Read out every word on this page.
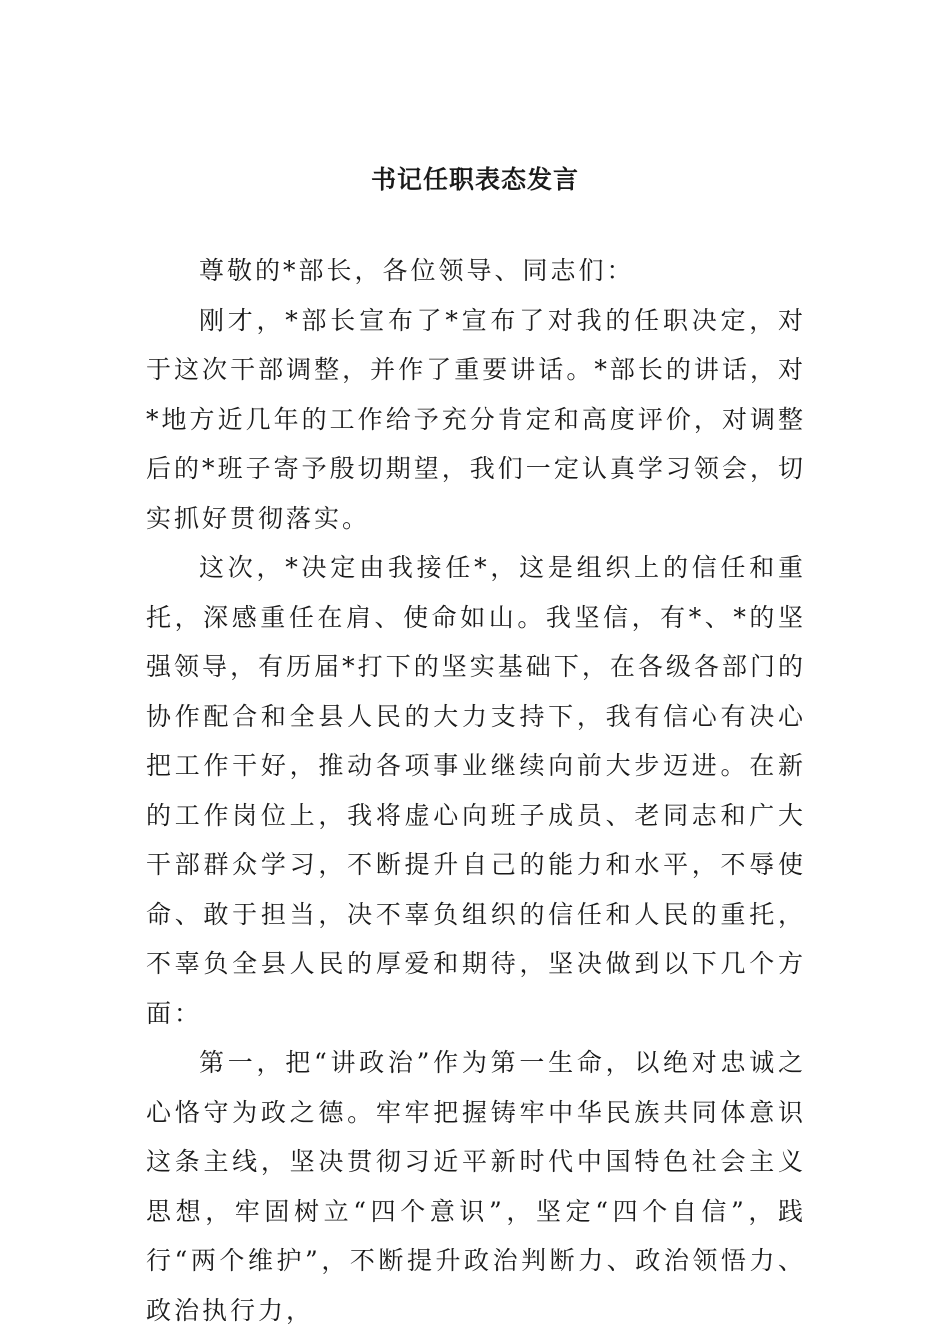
书记任职表态发言

尊敬的*部长，各位领导、同志们：

刚才，*部长宣布了*宣布了对我的任职决定，对于这次干部调整，并作了重要讲话。*部长的讲话，对*地方近几年的工作给予充分肯定和高度评价，对调整后的*班子寄予殷切期望，我们一定认真学习领会，切实抓好贯彻落实。

这次，*决定由我接任*，这是组织上的信任和重托，深感重任在肩、使命如山。我坚信，有*、*的坚强领导，有历届*打下的坚实基础下，在各级各部门的协作配合和全县人民的大力支持下，我有信心有决心把工作干好，推动各项事业继续向前大步迈进。在新的工作岗位上，我将虚心向班子成员、老同志和广大干部群众学习，不断提升自己的能力和水平，不辱使命、敢于担当，决不辜负组织的信任和人民的重托，不辜负全县人民的厚爱和期待，坚决做到以下几个方面：

第一，把“讲政治”作为第一生命，以绝对忠诚之心恪守为政之德。牢牢把握铸牢中华民族共同体意识这条主线，坚决贯彻习近平新时代中国特色社会主义思想，牢固树立“四个意识”，坚定“四个自信”，践行“两个维护”，不断提升政治判断力、政治领悟力、政治执行力，
